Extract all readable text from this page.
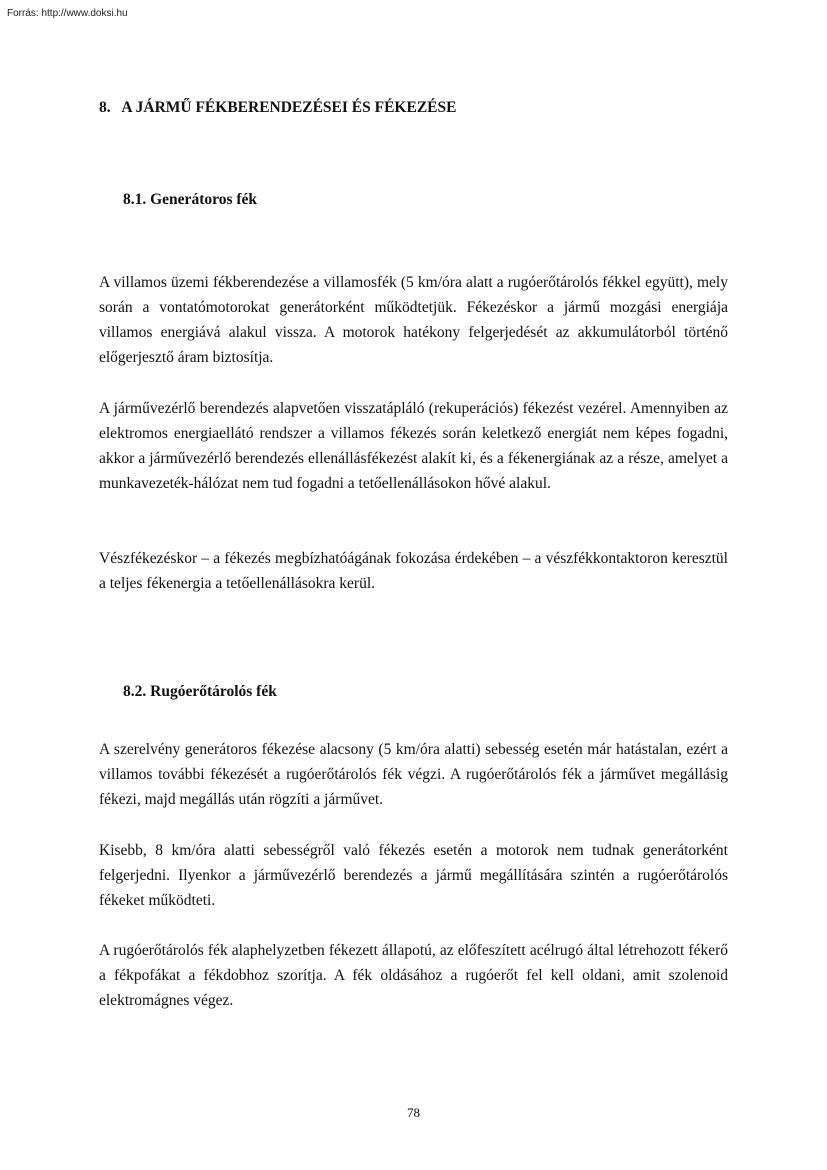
Forrás: http://www.doksi.hu
8. A JÁRMŰ FÉKBERENDEZÉSEI ÉS FÉKEZÉSE
8.1. Generátoros fék

A villamos üzemi fékberendezése a villamosfék (5 km/óra alatt a rugóerőtárolós fékkel együtt), mely során a vontatómotorokat generátorként működtetjük. Fékezéskor a jármű mozgási energiája villamos energiává alakul vissza. A motorok hatékony felgerjedését az akkumulátorból történő előgerjesztő áram biztosítja.

A járművezérlő berendezés alapvetően visszatápláló (rekuperációs) fékezést vezérel. Amennyiben az elektromos energiaellátó rendszer a villamos fékezés során keletkező energiát nem képes fogadni, akkor a járművezérlő berendezés ellenállásfékezést alakít ki, és a fékenergiának az a része, amelyet a munkavezeték-hálózat nem tud fogadni a tetőellenállásokon hővé alakul.

Vészfékezéskor – a fékezés megbízhatóágának fokozása érdekében – a vészfékkontaktoron keresztül a teljes fékenergia a tetőellenállásokra kerül.

8.2. Rugóerőtárolós fék

A szerelvény generátoros fékezése alacsony (5 km/óra alatti) sebesség esetén már hatástalan, ezért a villamos további fékezését a rugóerőtárolós fék végzi. A rugóerőtárolós fék a járművet megállásig fékezi, majd megállás után rögzíti a járművet.

Kisebb, 8 km/óra alatti sebességről való fékezés esetén a motorok nem tudnak generátorként felgerjedni. Ilyenkor a járművezérlő berendezés a jármű megállítására szintén a rugóerőtárolós fékeket működteti.

A rugóerőtárolós fék alaphelyzetben fékezett állapotú, az előfeszített acélrugó által létrehozott fékerő a fékpofákat a fékdobhoz szorítja. A fék oldásához a rugóerőt fel kell oldani, amit szolenoid elektromágnes végez.

78
